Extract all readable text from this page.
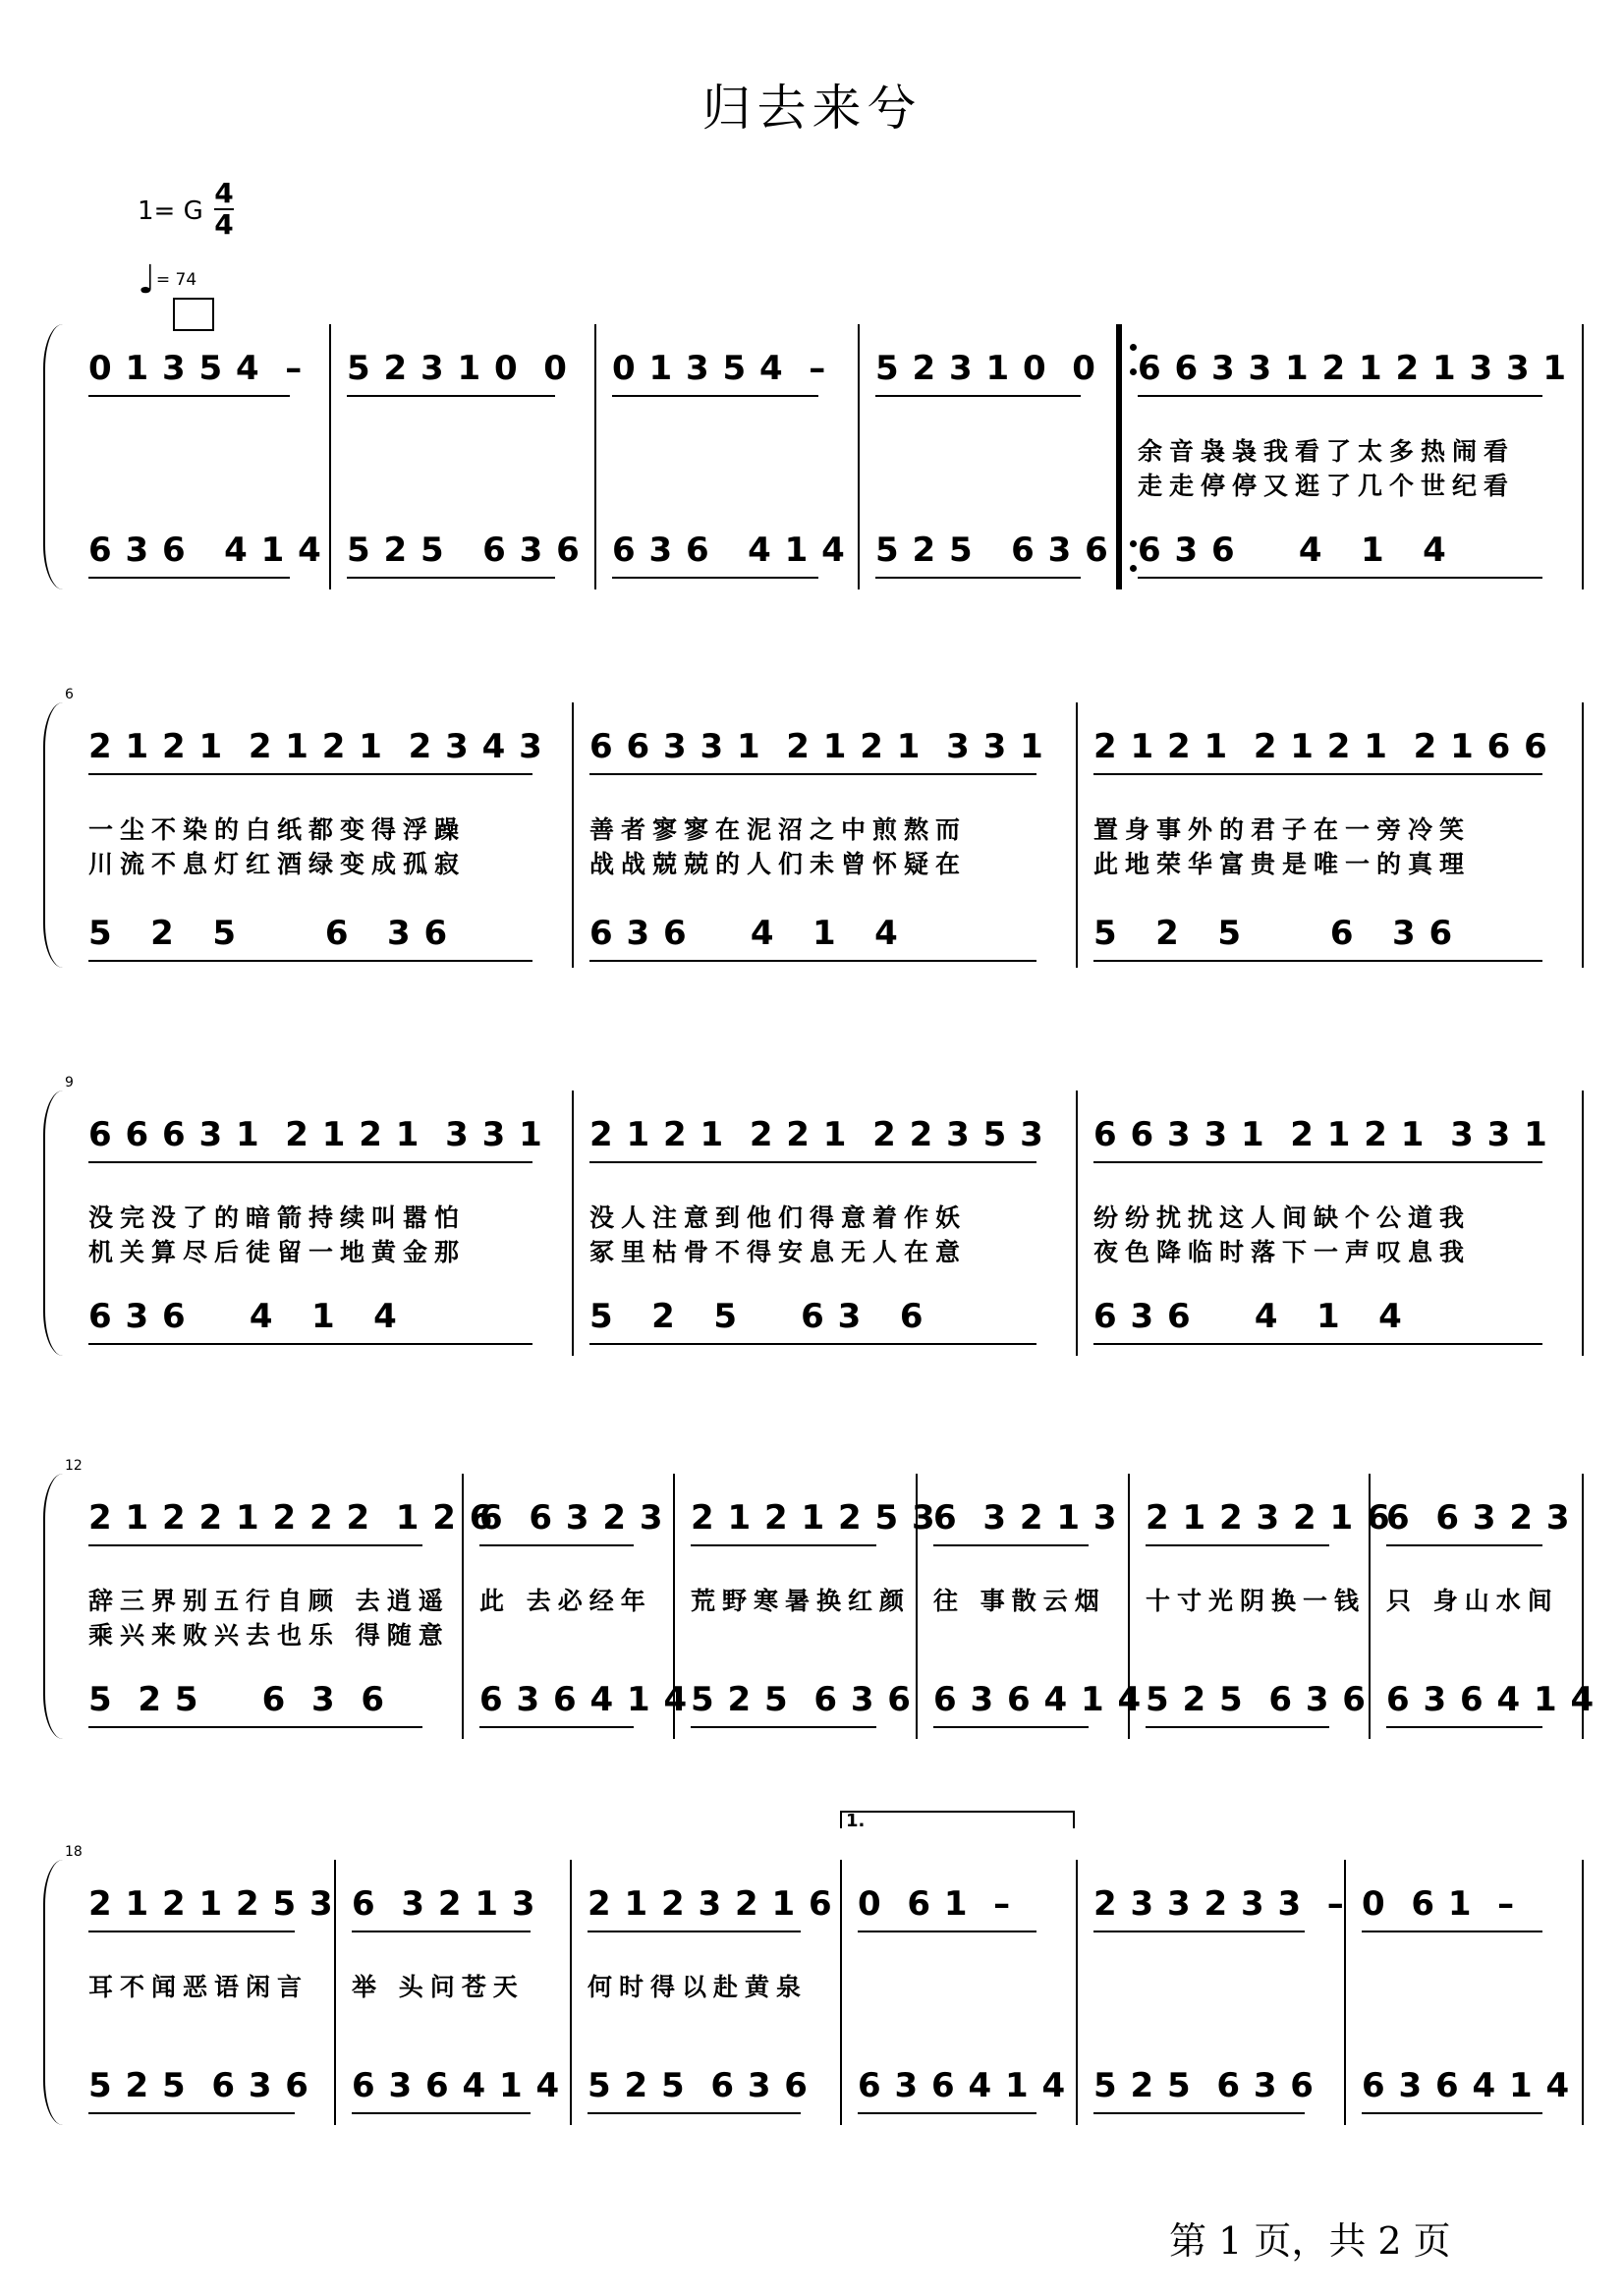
归去来兮
1= G
4
4
♩= 74
0 1 3 5 4  –
6 3 6   4 1 4
5 2 3 1 0  0
5 2 5   6 3 6
0 1 3 5 4  –
6 3 6   4 1 4
5 2 3 1 0  0
5 2 5   6 3 6
6 6 3 3 1 2 1 2 1 3 3 1
余音袅袅我看了太多热闹看
走走停停又逛了几个世纪看
6 3 6     4   1   4
6
2 1 2 1  2 1 2 1  2 3 4 3
一尘不染的白纸都变得浮躁
川流不息灯红酒绿变成孤寂
5   2   5       6   3 6
6 6 3 3 1  2 1 2 1  3 3 1
善者寥寥在泥沼之中煎熬而
战战兢兢的人们未曾怀疑在
6 3 6     4   1   4
2 1 2 1  2 1 2 1  2 1 6 6
置身事外的君子在一旁冷笑
此地荣华富贵是唯一的真理
5   2   5       6   3 6
9
6 6 6 3 1  2 1 2 1  3 3 1
没完没了的暗箭持续叫嚣怕
机关算尽后徒留一地黄金那
6 3 6     4   1   4
2 1 2 1  2 2 1  2 2 3 5 3
没人注意到他们得意着作妖
冢里枯骨不得安息无人在意
5   2   5     6 3   6
6 6 3 3 1  2 1 2 1  3 3 1
纷纷扰扰这人间缺个公道我
夜色降临时落下一声叹息我
6 3 6     4   1   4
12
2 1 2 2 1 2 2 2  1 2 6
辞三界别五行自顾 去逍遥
乘兴来败兴去也乐 得随意
5  2 5     6  3  6
6  6 3 2 3
此 去必经年
6 3 6 4 1 4
2 1 2 1 2 5 3
荒野寒暑换红颜
5 2 5  6 3 6
6  3 2 1 3
往 事散云烟
6 3 6 4 1 4
2 1 2 3 2 1 6
十寸光阴换一钱
5 2 5  6 3 6
6  6 3 2 3
只 身山水间
6 3 6 4 1 4
18
1.
2 1 2 1 2 5 3
耳不闻恶语闲言
5 2 5  6 3 6
6  3 2 1 3
举 头问苍天
6 3 6 4 1 4
2 1 2 3 2 1 6
何时得以赴黄泉
5 2 5  6 3 6
0  6 1  –
6 3 6 4 1 4
2 3 3 2 3 3  –
5 2 5  6 3 6
0  6 1  –
6 3 6 4 1 4
第 1 页，共 2 页
